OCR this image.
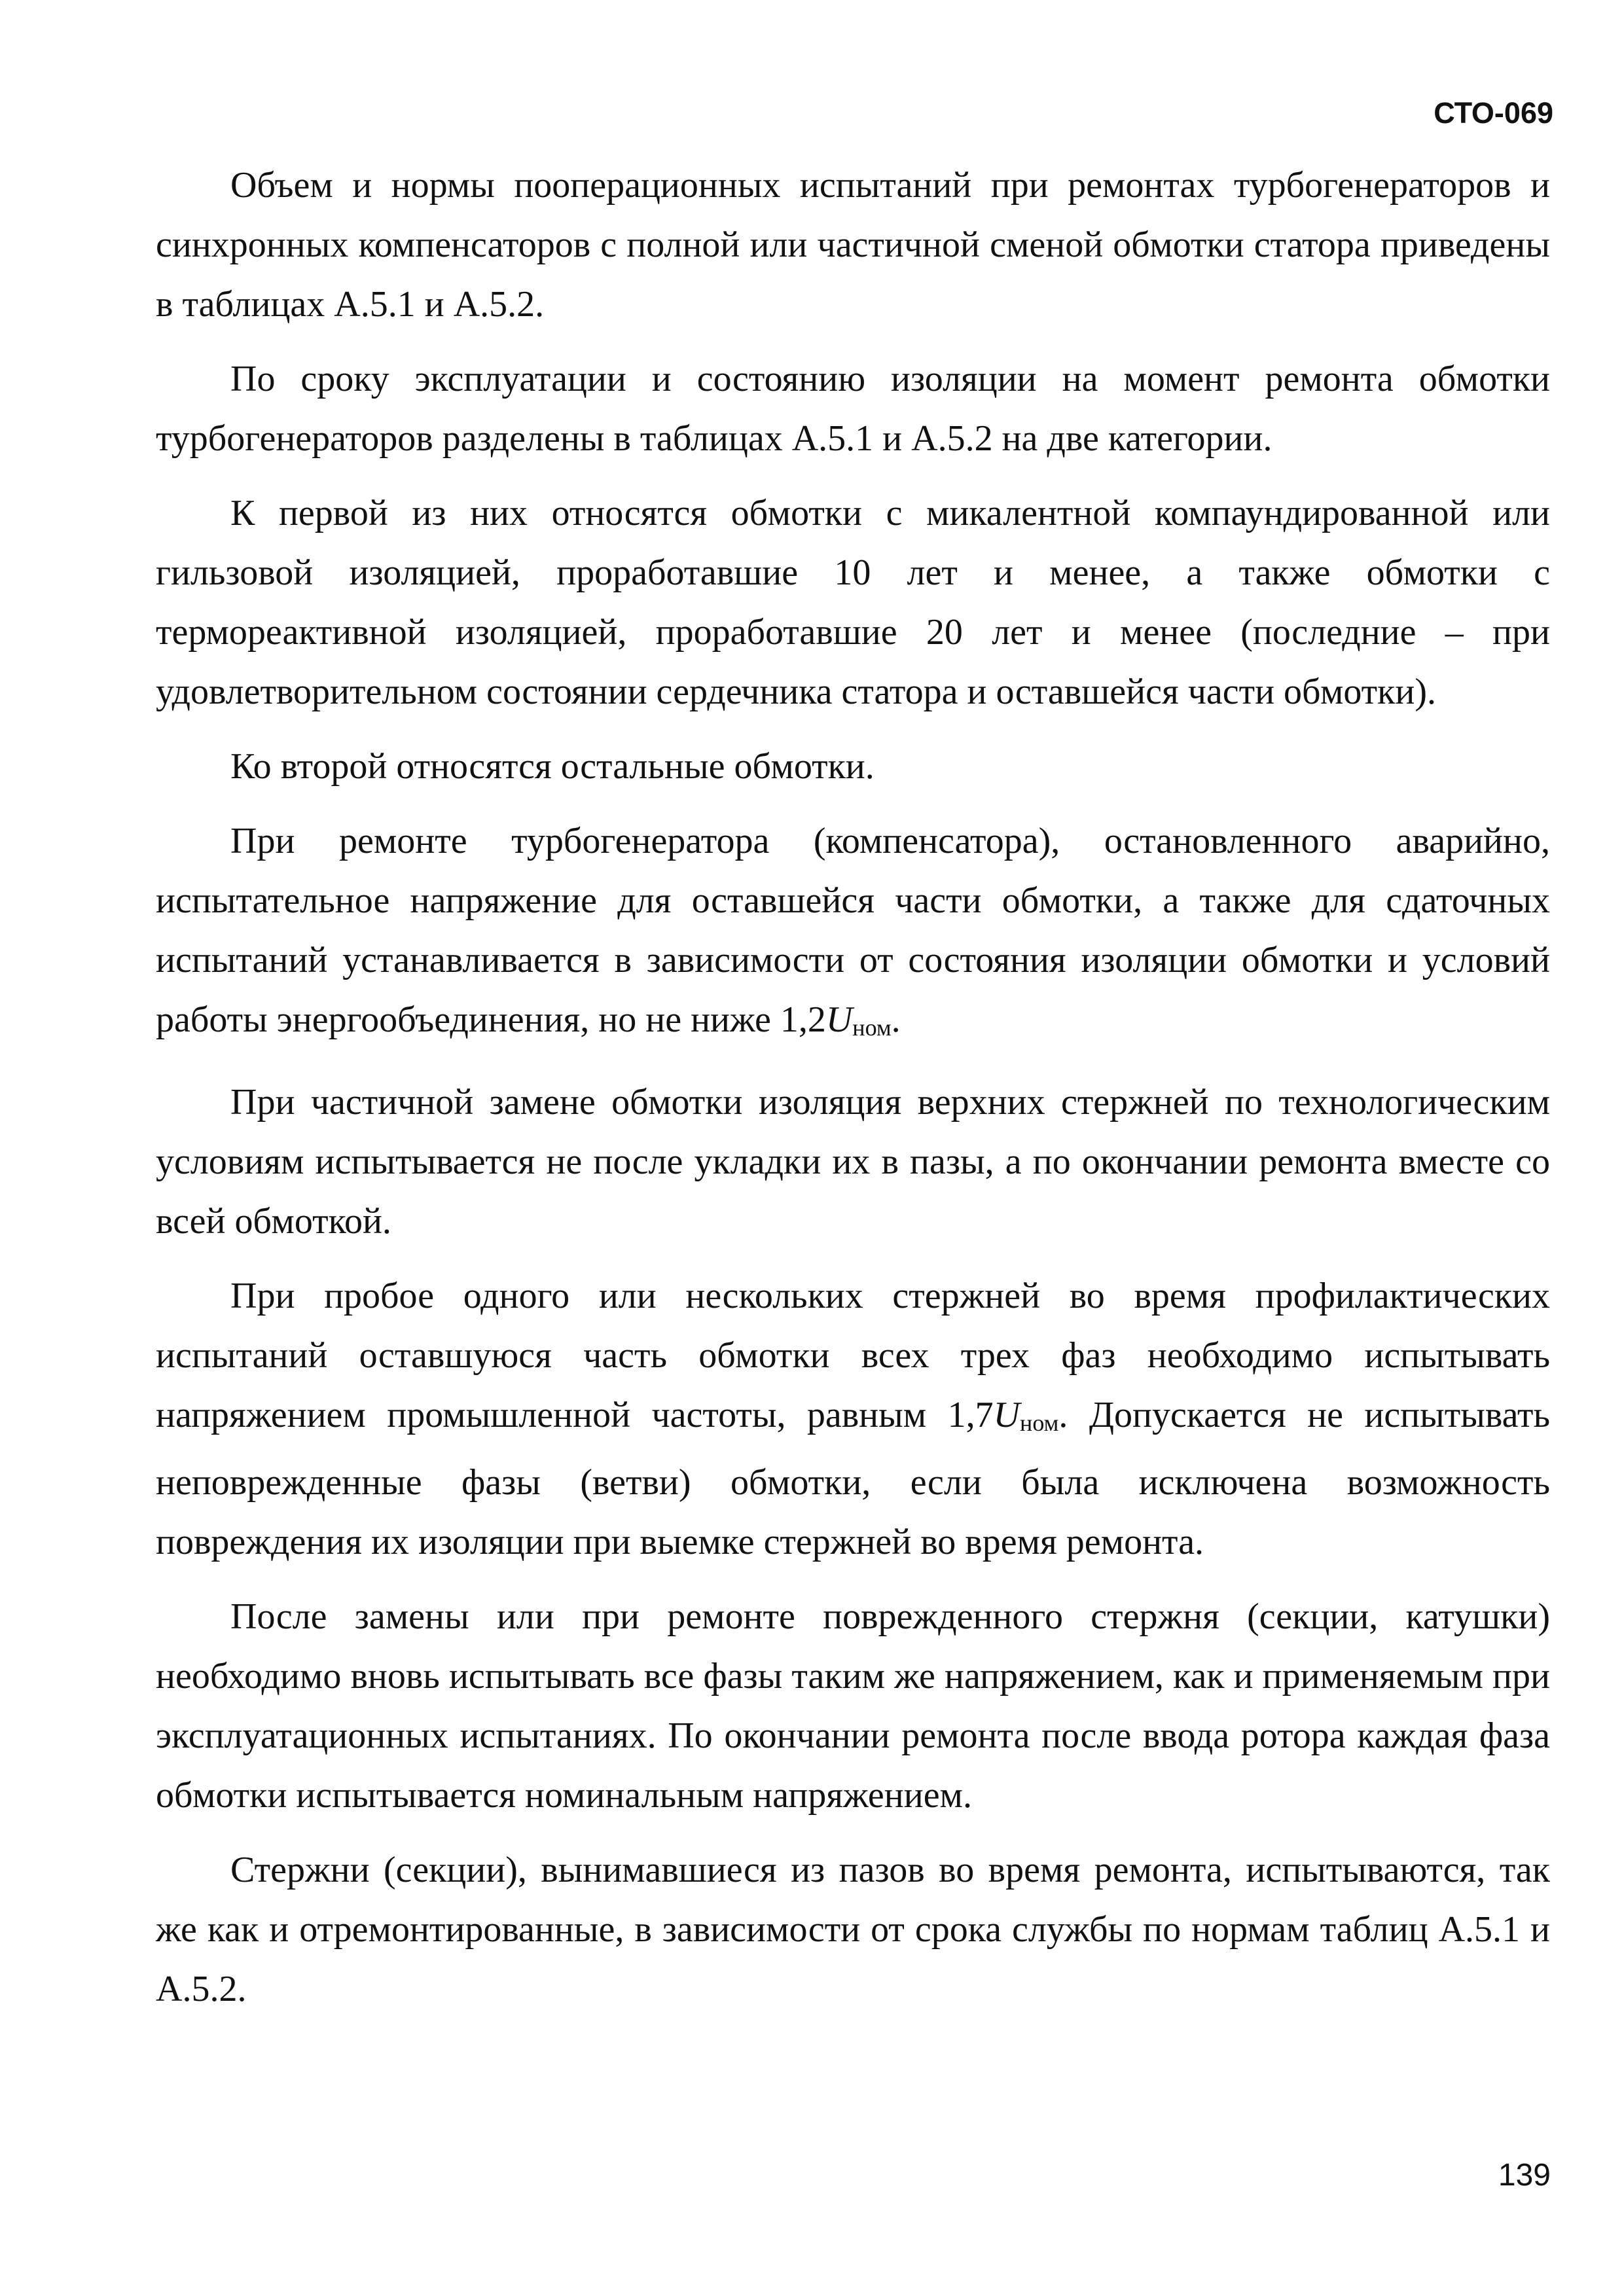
СТО-069

Объем и нормы пооперационных испытаний при ремонтах турбогенераторов и синхронных компенсаторов с полной или частичной сменой обмотки статора приведены в таблицах А.5.1 и А.5.2.

По сроку эксплуатации и состоянию изоляции на момент ремонта обмотки турбогенераторов разделены в таблицах А.5.1 и А.5.2 на две категории.

К первой из них относятся обмотки с микалентной компаундированной или гильзовой изоляцией, проработавшие 10 лет и менее, а также обмотки с термореактивной изоляцией, проработавшие 20 лет и менее (последние – при удовлетворительном состоянии сердечника статора и оставшейся части обмотки).

Ко второй относятся остальные обмотки.

При ремонте турбогенератора (компенсатора), остановленного аварийно, испытательное напряжение для оставшейся части обмотки, а также для сдаточных испытаний устанавливается в зависимости от состояния изоляции обмотки и условий работы энергообъединения, но не ниже 1,2Uном.

При частичной замене обмотки изоляция верхних стержней по технологическим условиям испытывается не после укладки их в пазы, а по окончании ремонта вместе со всей обмоткой.

При пробое одного или нескольких стержней во время профилактических испытаний оставшуюся часть обмотки всех трех фаз необходимо испытывать напряжением промышленной частоты, равным 1,7Uном. Допускается не испытывать неповрежденные фазы (ветви) обмотки, если была исключена возможность повреждения их изоляции при выемке стержней во время ремонта.

После замены или при ремонте поврежденного стержня (секции, катушки) необходимо вновь испытывать все фазы таким же напряжением, как и применяемым при эксплуатационных испытаниях. По окончании ремонта после ввода ротора каждая фаза обмотки испытывается номинальным напряжением.

Стержни (секции), вынимавшиеся из пазов во время ремонта, испытываются, так же как и отремонтированные, в зависимости от срока службы по нормам таблиц А.5.1 и А.5.2.

139
